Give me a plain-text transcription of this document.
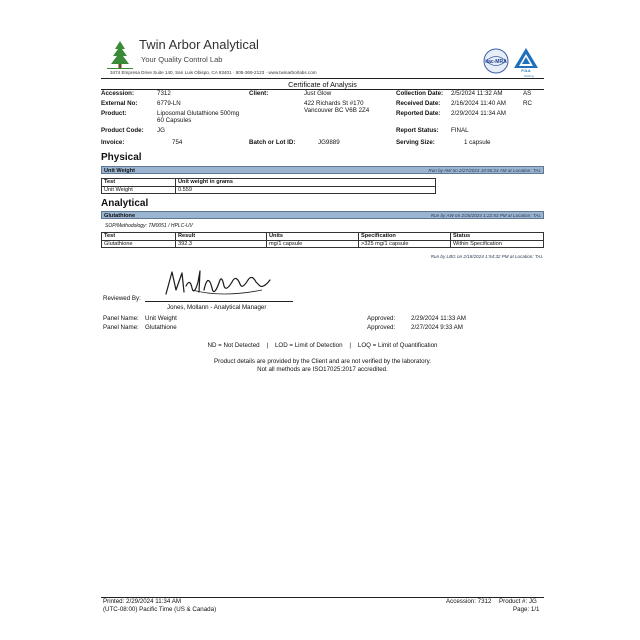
Twin Arbor Analytical
Your Quality Control Lab
3474 Empresa Drive Suite 140, San Luis Obispo, CA 93401 · 805-369-2123 · www.twinarborlabs.com
ilac-MRA
PJLA
Testing
Certificate of Analysis
Accession:	7312
External No:	6779-LN
Product:	Liposomal Glutathione 500mg
60 Capsules
Product Code: JG
Invoice:	754
Client:	Just Glow
422 Richards St #170
Vancouver BC V6B 2Z4
Batch or Lot ID:	JG9889
Collection Date: 2/5/2024 11:32 AM	AS
Received Date: 2/16/2024 11:40 AM	RC
Reported Date: 2/29/2024 11:34 AM
Report Status: FINAL
Serving Size:	1 capsule
Physical
Unit Weight	Run by AW on 2/27/2024 10:56:24 AM at Location: TAL
Test	Unit weight in grams
Unit Weight	0.559
Analytical
Glutathione	Run by AW on 2/26/2024 1:22:53 PM at Location: TAL
SOP/Methodology: TM0051 / HPLC-UV
Test	Result	Units	Specification	Status
Glutathione	392.3	mg/1 capsule	>325 mg/1 capsule	Within Specification
Run by LBG on 2/18/2024 1:54:32 PM at Location: TAL
Reviewed By:
Jones, Mollann - Analytical Manager
Panel Name: Unit Weight	Approved:	2/29/2024 11:33 AM
Panel Name: Glutathione	Approved:	2/27/2024 9:33 AM
ND = Not Detected    |    LOD = Limit of Detection    |    LOQ = Limit of Quantification
Product details are provided by the Client and are not verified by the laboratory.
Not all methods are ISO17025:2017 accredited.
Printed: 2/29/2024 11:34 AM
(UTC-08:00) Pacific Time (US & Canada)
Accession: 7312 Product #: JG
Page: 1/1
